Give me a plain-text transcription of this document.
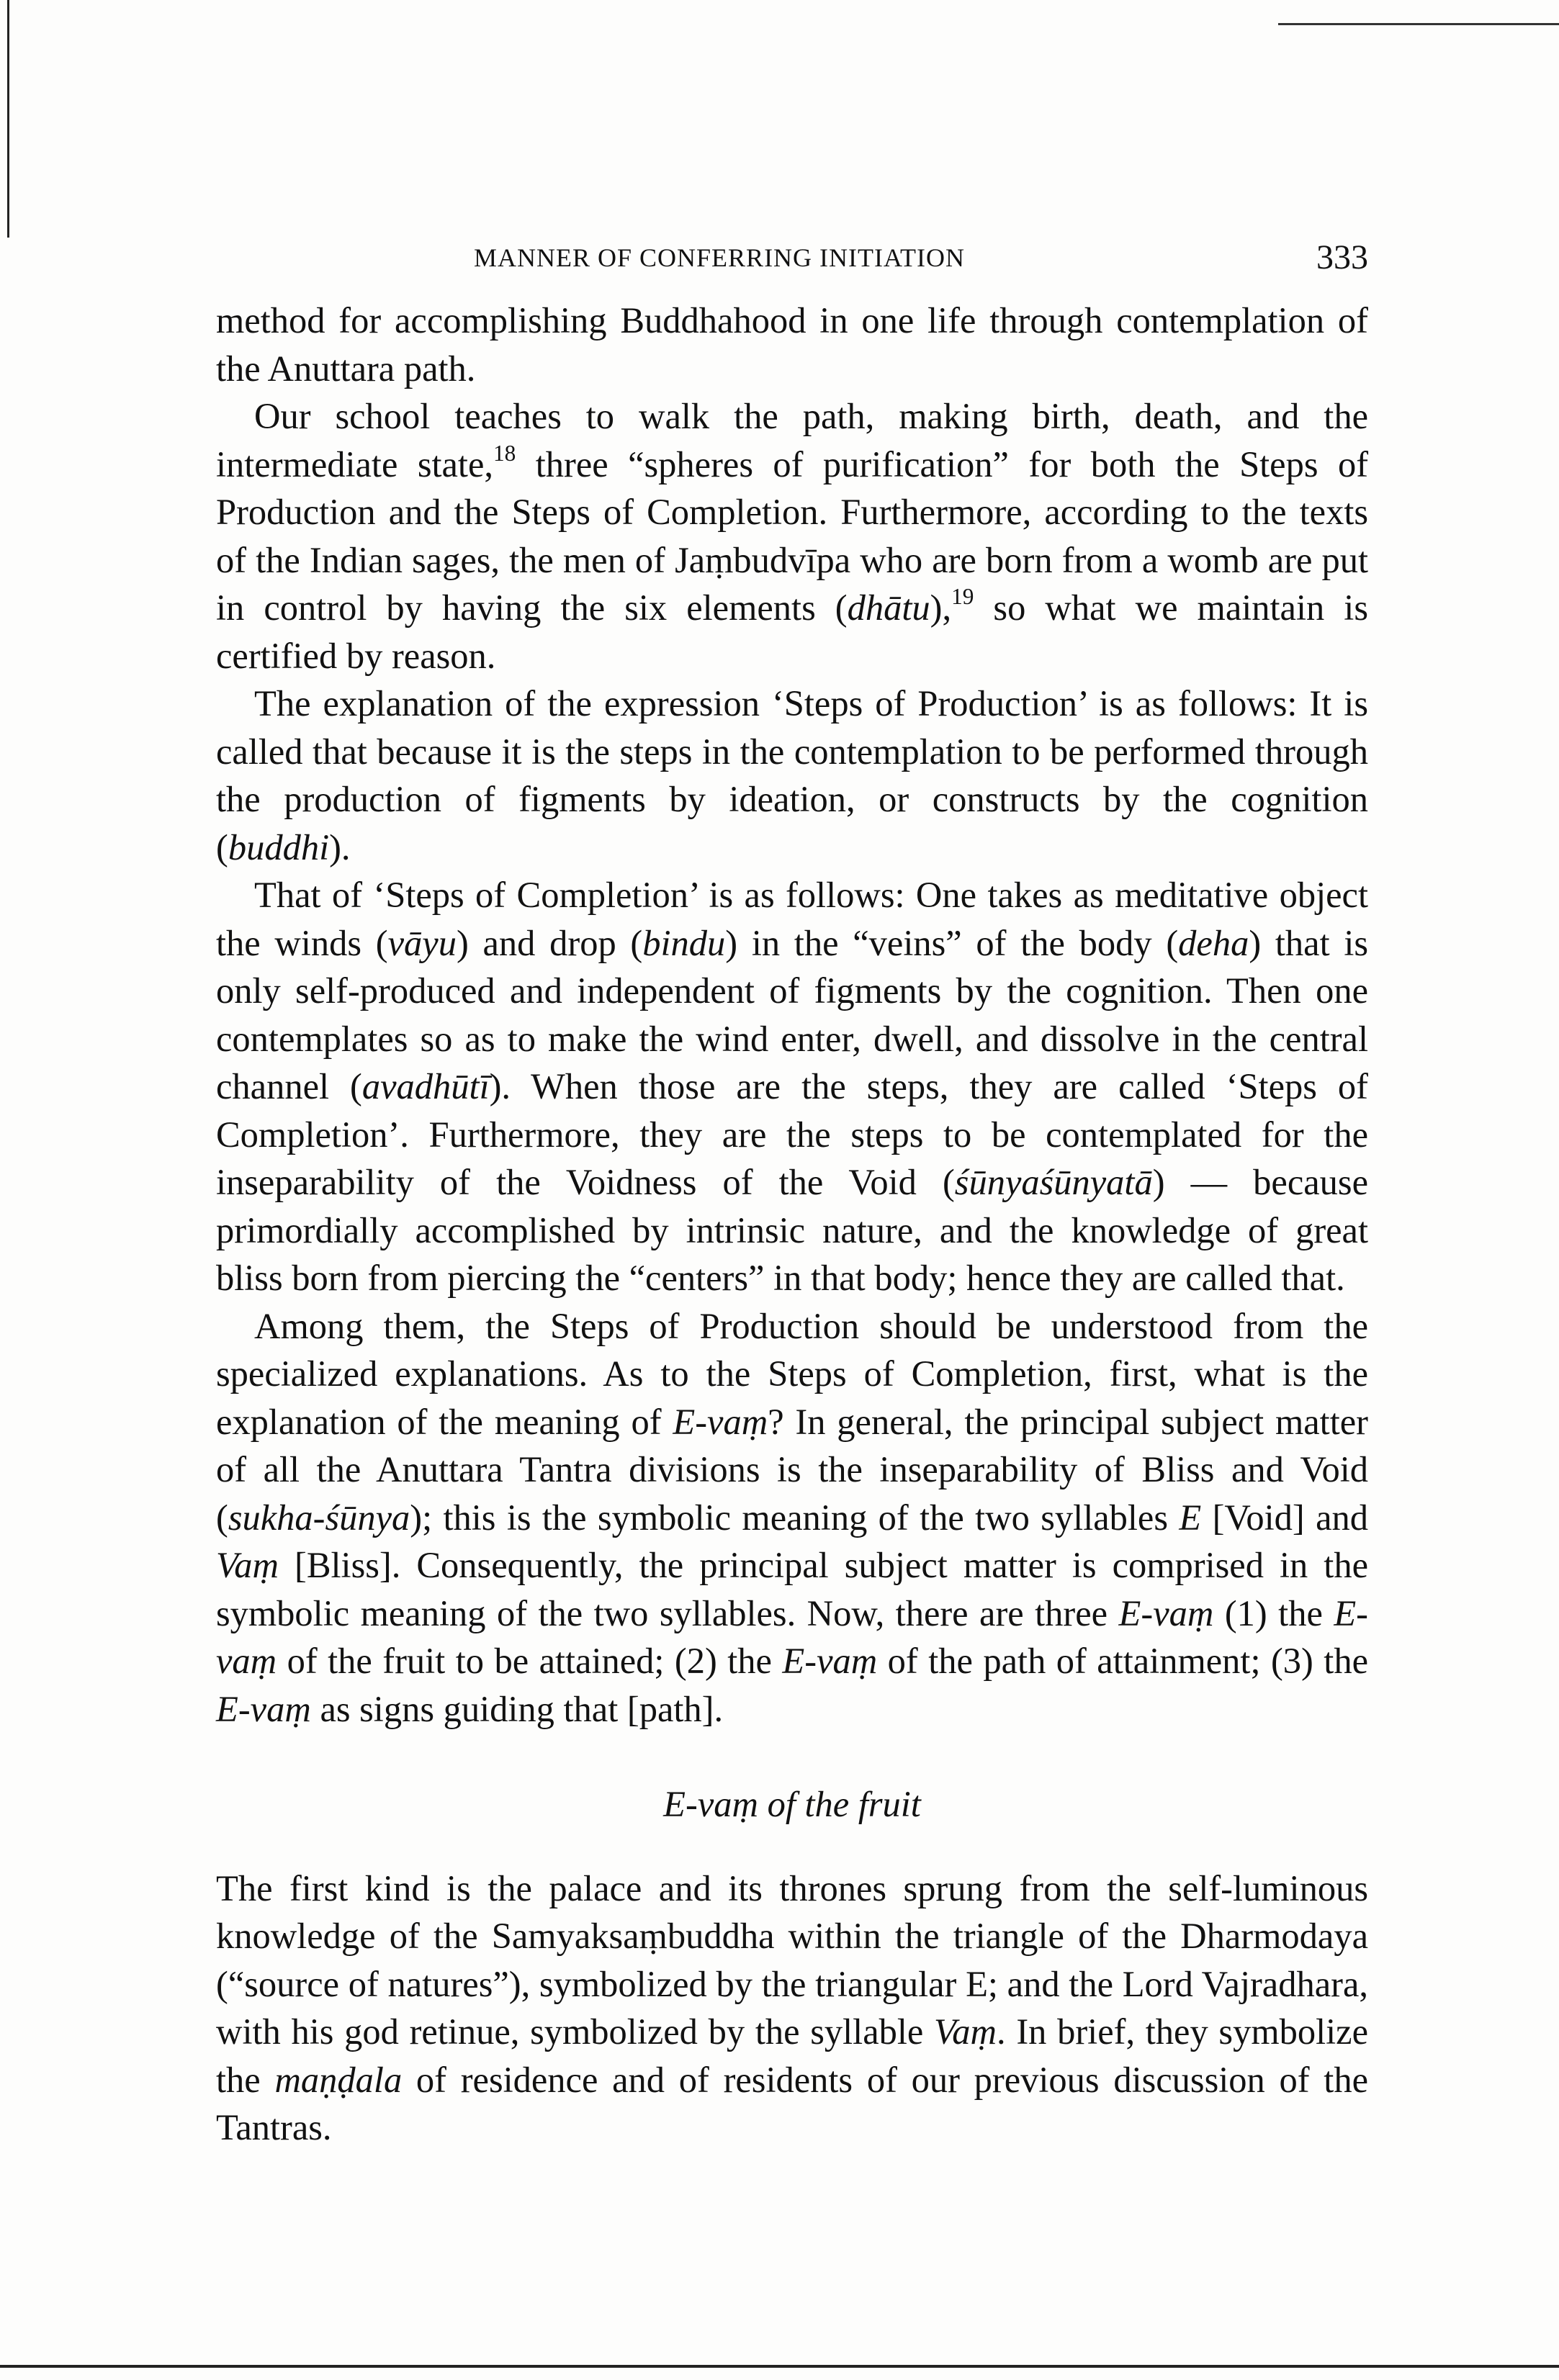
MANNER OF CONFERRING INITIATION	333

method for accomplishing Buddhahood in one life through contemplation of the Anuttara path.

Our school teaches to walk the path, making birth, death, and the intermediate state,$^{18}$ three “spheres of purification” for both the Steps of Production and the Steps of Completion. Furthermore, according to the texts of the Indian sages, the men of Jaṃbudvīpa who are born from a womb are put in control by having the six elements (dhātu),$^{19}$ so what we maintain is certified by reason.

The explanation of the expression ‘Steps of Production’ is as follows: It is called that because it is the steps in the contemplation to be performed through the production of figments by ideation, or constructs by the cognition (buddhi).

That of ‘Steps of Completion’ is as follows: One takes as meditative object the winds (vāyu) and drop (bindu) in the “veins” of the body (deha) that is only self-produced and independent of figments by the cognition. Then one contemplates so as to make the wind enter, dwell, and dissolve in the central channel (avadhūtī). When those are the steps, they are called ‘Steps of Completion’. Furthermore, they are the steps to be contemplated for the inseparability of the Voidness of the Void (śūnyaśūnyatā) — because primordially accomplished by intrinsic nature, and the knowledge of great bliss born from piercing the “centers” in that body; hence they are called that.

Among them, the Steps of Production should be understood from the specialized explanations. As to the Steps of Completion, first, what is the explanation of the meaning of E-vaṃ? In general, the principal subject matter of all the Anuttara Tantra divisions is the inseparability of Bliss and Void (sukha-śūnya); this is the symbolic meaning of the two syllables E [Void] and Vaṃ [Bliss]. Consequently, the principal subject matter is comprised in the symbolic meaning of the two syllables. Now, there are three E-vaṃ (1) the E-vaṃ of the fruit to be attained; (2) the E-vaṃ of the path of attainment; (3) the E-vaṃ as signs guiding that [path].

E-vaṃ of the fruit

The first kind is the palace and its thrones sprung from the self-luminous knowledge of the Samyaksaṃbuddha within the triangle of the Dharmodaya (“source of natures”), symbolized by the triangular E; and the Lord Vajradhara, with his god retinue, symbolized by the syllable Vaṃ. In brief, they symbolize the maṇḍala of residence and of residents of our previous discussion of the Tantras.
